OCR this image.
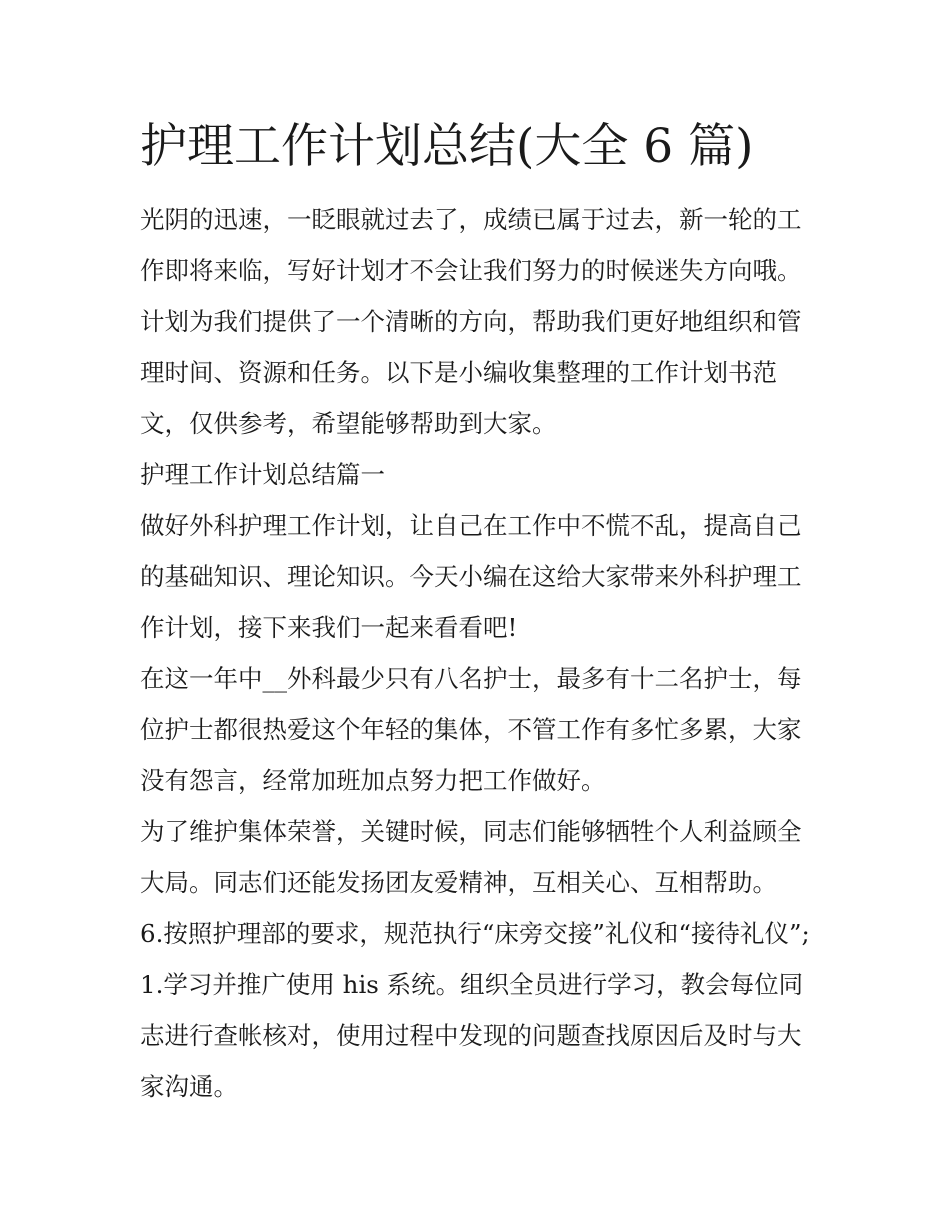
护理工作计划总结(大全 6 篇)

光阴的迅速，一眨眼就过去了，成绩已属于过去，新一轮的工
作即将来临，写好计划才不会让我们努力的时候迷失方向哦。
计划为我们提供了一个清晰的方向，帮助我们更好地组织和管
理时间、资源和任务。以下是小编收集整理的工作计划书范
文，仅供参考，希望能够帮助到大家。

护理工作计划总结篇一

做好外科护理工作计划，让自己在工作中不慌不乱，提高自己
的基础知识、理论知识。今天小编在这给大家带来外科护理工
作计划，接下来我们一起来看看吧!

在这一年中__外科最少只有八名护士，最多有十二名护士，每
位护士都很热爱这个年轻的集体，不管工作有多忙多累，大家
没有怨言，经常加班加点努力把工作做好。

为了维护集体荣誉，关键时候，同志们能够牺牲个人利益顾全
大局。同志们还能发扬团友爱精神，互相关心、互相帮助。

6.按照护理部的要求，规范执行“床旁交接”礼仪和“接待礼仪”;

1.学习并推广使用 his 系统。组织全员进行学习，教会每位同
志进行查帐核对，使用过程中发现的问题查找原因后及时与大
家沟通。
